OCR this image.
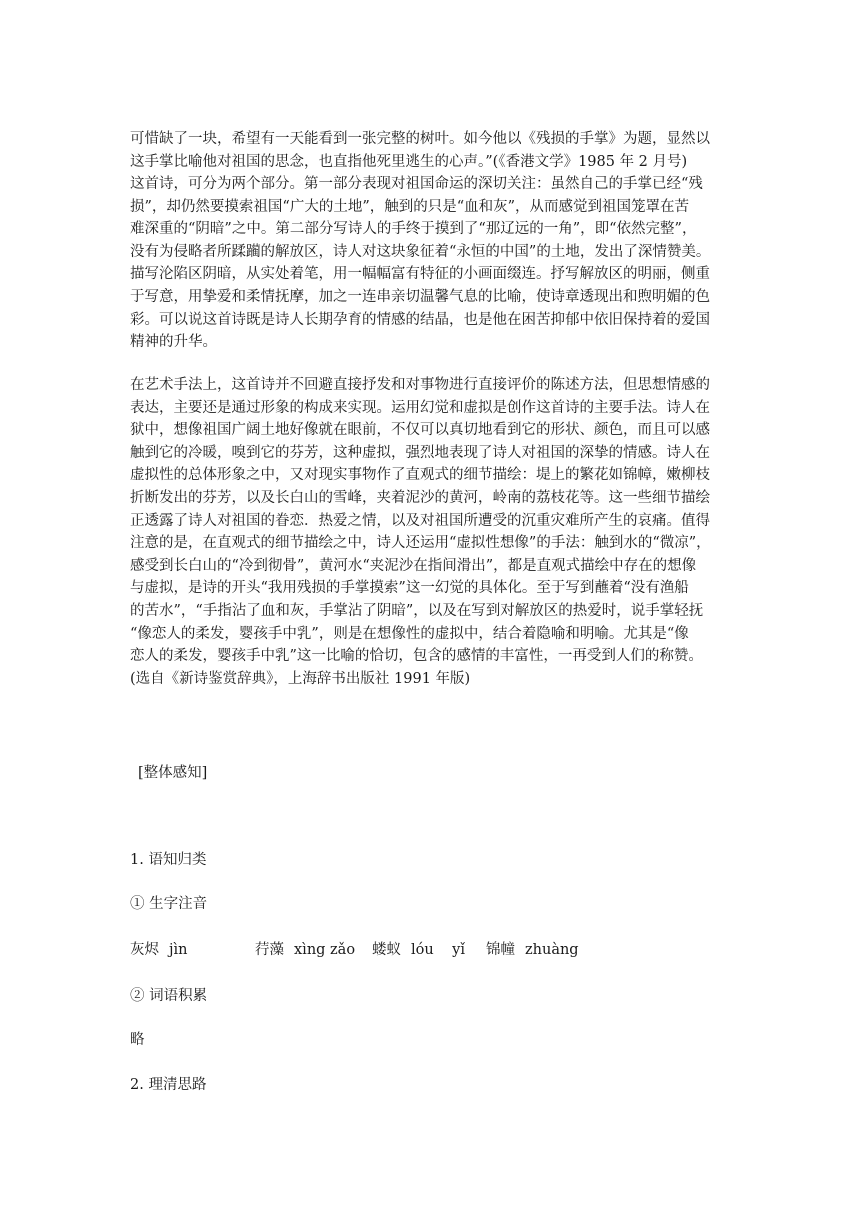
可惜缺了一块，希望有一天能看到一张完整的树叶。如今他以《残损的手掌》为题，显然以
这手掌比喻他对祖国的思念，也直指他死里逃生的心声。”(《香港文学》1985 年 2 月号)
这首诗，可分为两个部分。第一部分表现对祖国命运的深切关注：虽然自己的手掌已经“残
损”，却仍然要摸索祖国“广大的土地”，触到的只是“血和灰”，从而感觉到祖国笼罩在苦
难深重的“阴暗”之中。第二部分写诗人的手终于摸到了“那辽远的一角”，即“依然完整”，
没有为侵略者所蹂躏的解放区，诗人对这块象征着“永恒的中国”的土地，发出了深情赞美。
描写沦陷区阴暗，从实处着笔，用一幅幅富有特征的小画面缀连。抒写解放区的明丽，侧重
于写意，用挚爱和柔情抚摩，加之一连串亲切温馨气息的比喻，使诗章透现出和煦明媚的色
彩。可以说这首诗既是诗人长期孕育的情感的结晶，也是他在困苦抑郁中依旧保持着的爱国
精神的升华。
在艺术手法上，这首诗并不回避直接抒发和对事物进行直接评价的陈述方法，但思想情感的
表达，主要还是通过形象的构成来实现。运用幻觉和虚拟是创作这首诗的主要手法。诗人在
狱中，想像祖国广阔土地好像就在眼前，不仅可以真切地看到它的形状、颜色，而且可以感
触到它的冷暖，嗅到它的芬芳，这种虚拟，强烈地表现了诗人对祖国的深挚的情感。诗人在
虚拟性的总体形象之中，又对现实事物作了直观式的细节描绘：堤上的繁花如锦幛，嫩柳枝
折断发出的芬芳，以及长白山的雪峰，夹着泥沙的黄河，岭南的荔枝花等。这一些细节描绘
正透露了诗人对祖国的眷恋．热爱之情，以及对祖国所遭受的沉重灾难所产生的哀痛。值得
注意的是，在直观式的细节描绘之中，诗人还运用“虚拟性想像”的手法：触到水的“微凉”，
感受到长白山的“冷到彻骨”，黄河水“夹泥沙在指间滑出”，都是直观式描绘中存在的想像
与虚拟，是诗的开头“我用残损的手掌摸索”这一幻觉的具体化。至于写到蘸着“没有渔船
的苦水”，“手指沾了血和灰，手掌沾了阴暗”，以及在写到对解放区的热爱时，说手掌轻抚
“像恋人的柔发，婴孩手中乳”，则是在想像性的虚拟中，结合着隐喻和明喻。尤其是“像
恋人的柔发，婴孩手中乳”这一比喻的恰切，包含的感情的丰富性，一再受到人们的称赞。
(选自《新诗鉴赏辞典》，上海辞书出版社 1991 年版)
[整体感知]
1. 语知归类
① 生字注音
灰烬 jìn	荇藻 xìng zǎo 蝼蚁 lóu    yǐ 锦幢 zhuàng
② 词语积累
略
2. 理清思路
